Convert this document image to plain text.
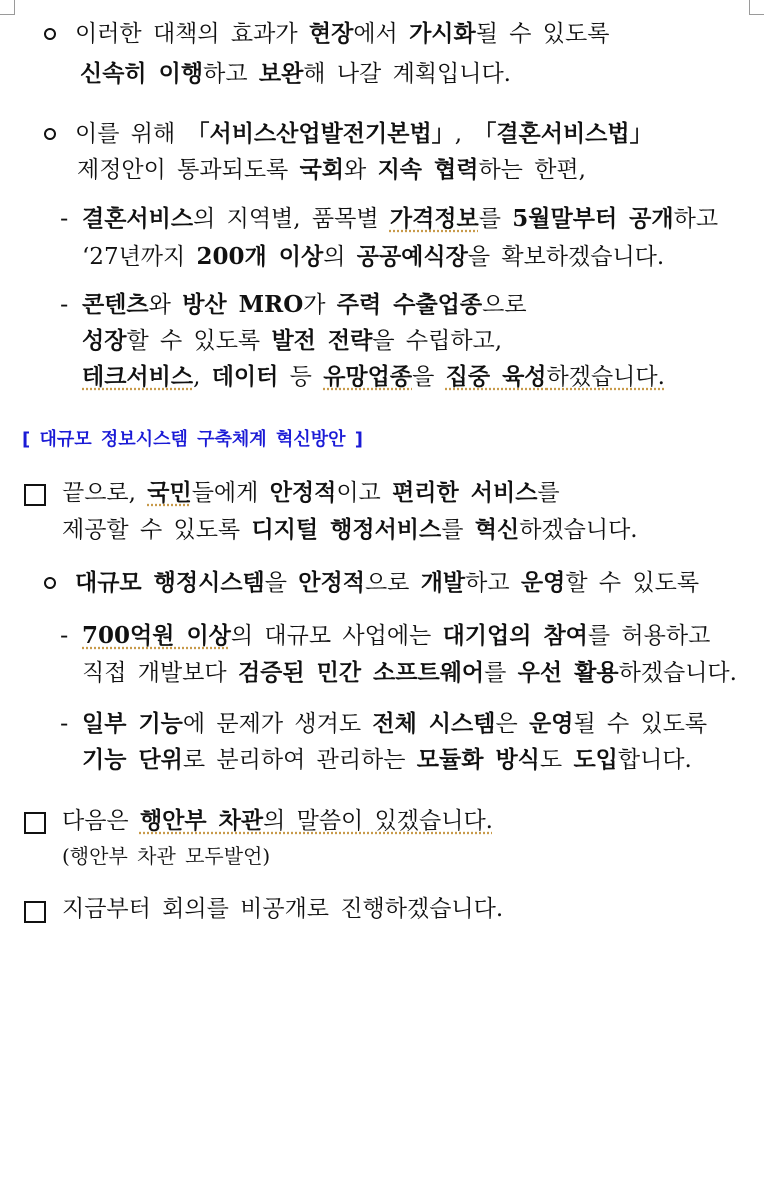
이러한 대책의 효과가 현장에서 가시화될 수 있도록
신속히 이행하고 보완해 나갈 계획입니다.
이를 위해 「서비스산업발전기본법」, 「결혼서비스법」
제정안이 통과되도록 국회와 지속 협력하는 한편,
- 결혼서비스의 지역별, 품목별 가격정보를 5월말부터 공개하고
‘27년까지 200개 이상의 공공예식장을 확보하겠습니다.
- 콘텐츠와 방산 MRO가 주력 수출업종으로
성장할 수 있도록 발전 전략을 수립하고,
테크서비스, 데이터 등 유망업종을 집중 육성하겠습니다.
[ 대규모 정보시스템 구축체계 혁신방안 ]
끝으로, 국민들에게 안정적이고 편리한 서비스를
제공할 수 있도록 디지털 행정서비스를 혁신하겠습니다.
대규모 행정시스템을 안정적으로 개발하고 운영할 수 있도록
- 700억원 이상의 대규모 사업에는 대기업의 참여를 허용하고
직접 개발보다 검증된 민간 소프트웨어를 우선 활용하겠습니다.
- 일부 기능에 문제가 생겨도 전체 시스템은 운영될 수 있도록
기능 단위로 분리하여 관리하는 모듈화 방식도 도입합니다.
다음은 행안부 차관의 말씀이 있겠습니다.
(행안부 차관 모두발언)
지금부터 회의를 비공개로 진행하겠습니다.
